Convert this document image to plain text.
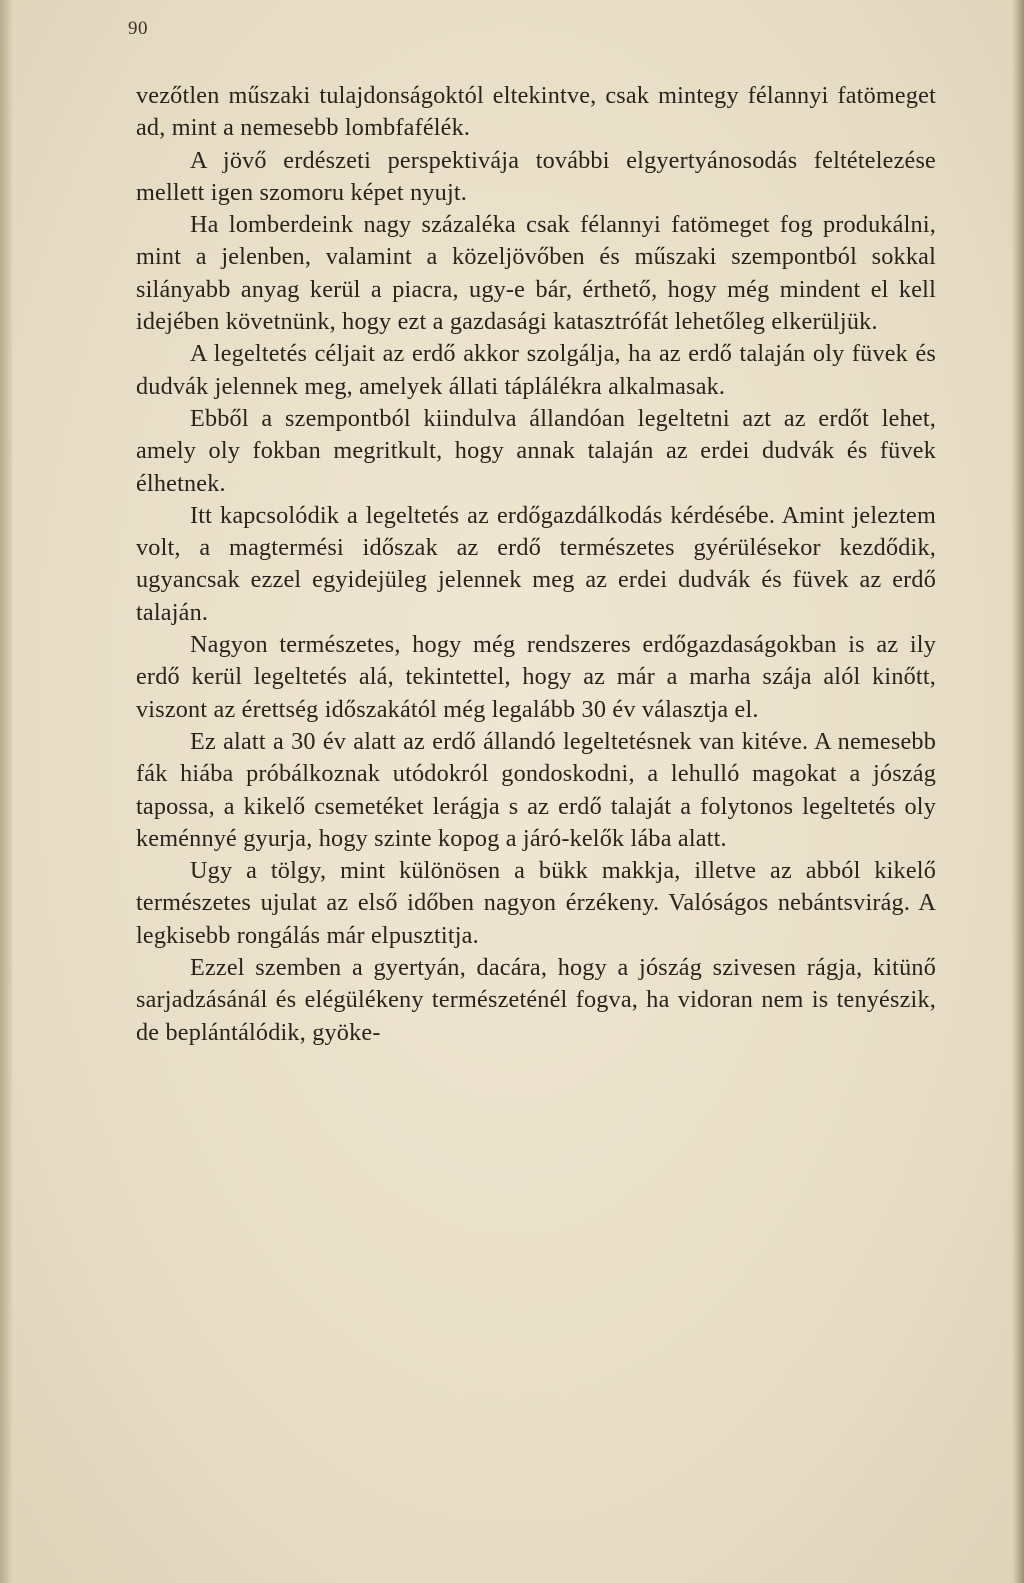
90

vezőtlen műszaki tulajdonságoktól eltekintve, csak mintegy félannyi fatömeget ad, mint a nemesebb lombfafélék.

A jövő erdészeti perspektivája további elgyertyánosodás feltételezése mellett igen szomoru képet nyujt.

Ha lomberdeink nagy százaléka csak félannyi fatömeget fog produkálni, mint a jelenben, valamint a közeljövőben és műszaki szempontból sokkal silányabb anyag kerül a piacra, ugy-e bár, érthető, hogy még mindent el kell idejében követnünk, hogy ezt a gazdasági katasztrófát lehetőleg elkerüljük.

A legeltetés céljait az erdő akkor szolgálja, ha az erdő talaján oly füvek és dudvák jelennek meg, amelyek állati táplálékra alkalmasak.

Ebből a szempontból kiindulva állandóan legeltetni azt az erdőt lehet, amely oly fokban megritkult, hogy annak talaján az erdei dudvák és füvek élhetnek.

Itt kapcsolódik a legeltetés az erdőgazdálkodás kérdésébe. Amint jeleztem volt, a magtermési időszak az erdő természetes gyérülésekor kezdődik, ugyancsak ezzel egyidejüleg jelennek meg az erdei dudvák és füvek az erdő talaján.

Nagyon természetes, hogy még rendszeres erdőgazdaságokban is az ily erdő kerül legeltetés alá, tekintettel, hogy az már a marha szája alól kinőtt, viszont az érettség időszakától még legalább 30 év választja el.

Ez alatt a 30 év alatt az erdő állandó legeltetésnek van kitéve. A nemesebb fák hiába próbálkoznak utódokról gondoskodni, a lehulló magokat a jószág tapossa, a kikelő csemetéket lerágja s az erdő talaját a folytonos legeltetés oly keménnyé gyurja, hogy szinte kopog a járó-kelők lába alatt.

Ugy a tölgy, mint különösen a bükk makkja, illetve az abból kikelő természetes ujulat az első időben nagyon érzékeny. Valóságos nebántsvirág. A legkisebb rongálás már elpusztitja.

Ezzel szemben a gyertyán, dacára, hogy a jószág szivesen rágja, kitünő sarjadzásánál és elégülékeny természeténél fogva, ha vidoran nem is tenyészik, de beplántálódik, gyöke-
